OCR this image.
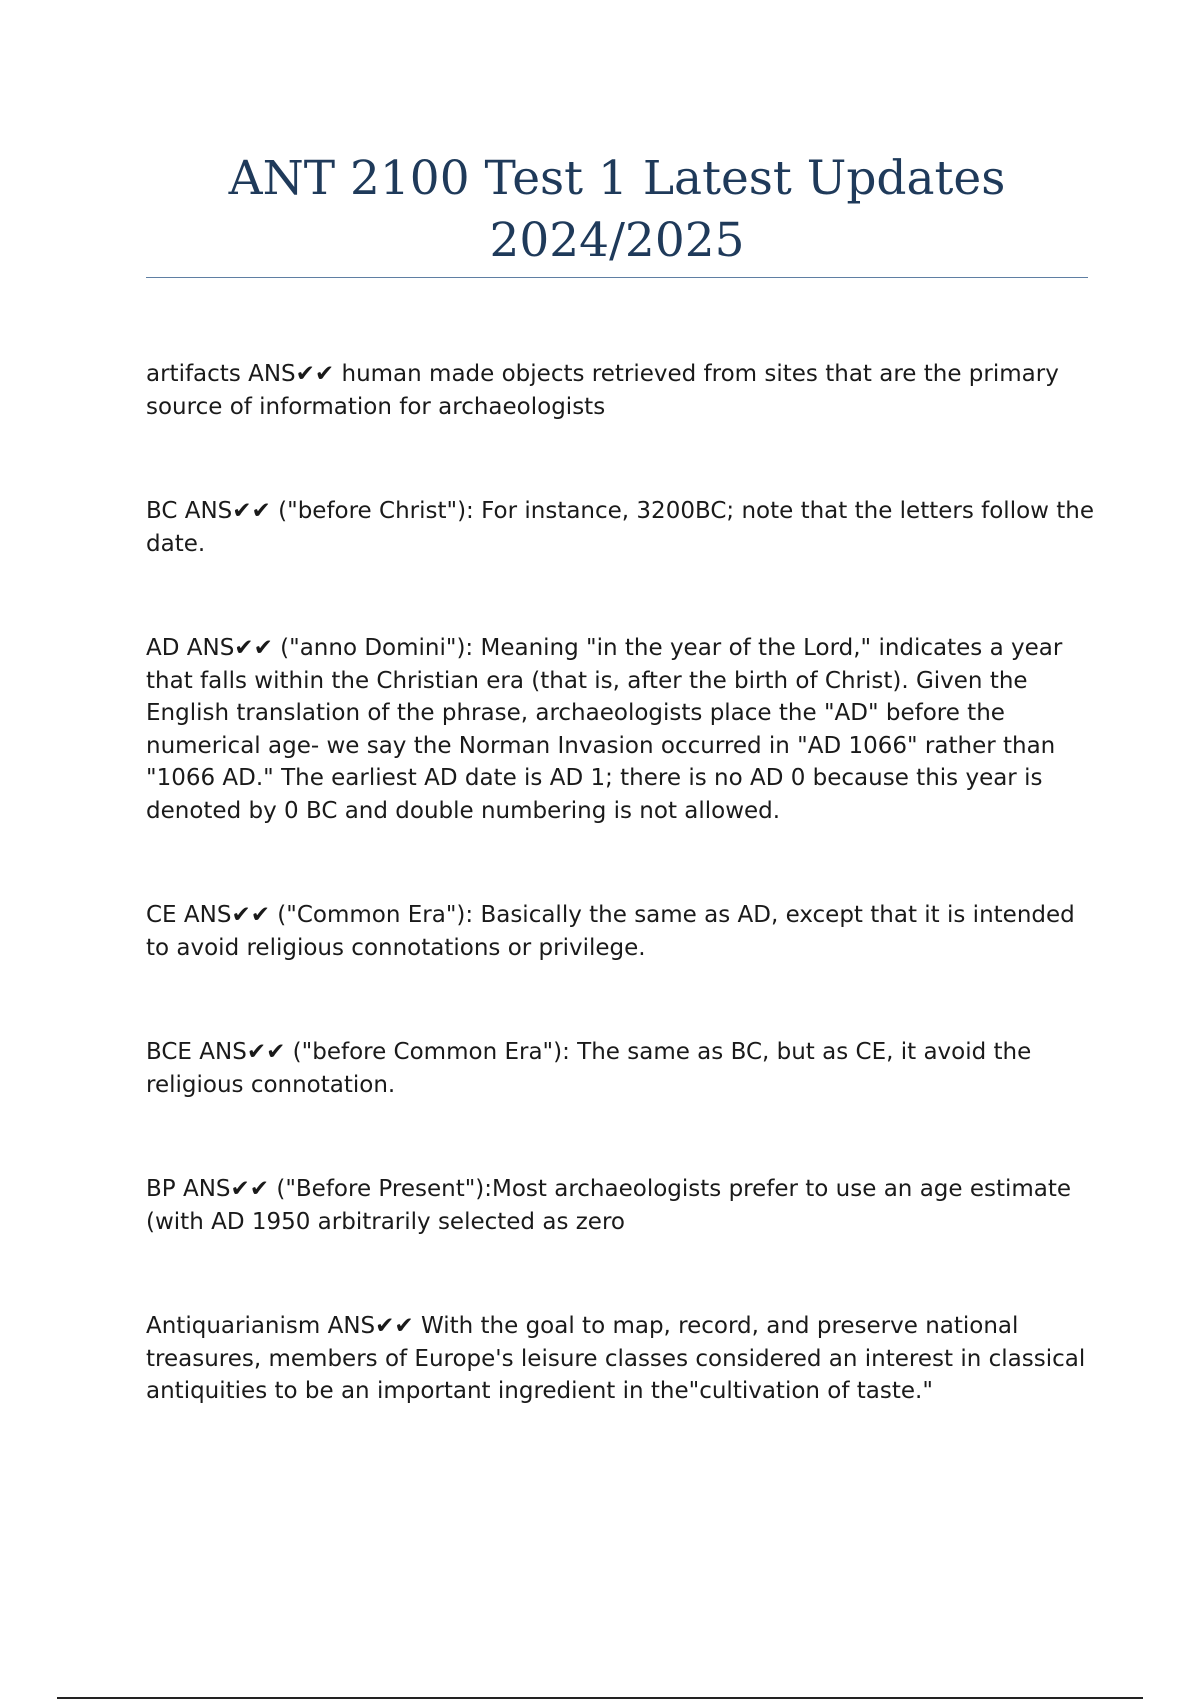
ANT 2100 Test 1 Latest Updates
2024/2025

artifacts ANS✔✔ human made objects retrieved from sites that are the primary source of information for archaeologists

BC ANS✔✔ ("before Christ"): For instance, 3200BC; note that the letters follow the date.

AD ANS✔✔ ("anno Domini"): Meaning "in the year of the Lord," indicates a year that falls within the Christian era (that is, after the birth of Christ). Given the English translation of the phrase, archaeologists place the "AD" before the numerical age- we say the Norman Invasion occurred in "AD 1066" rather than "1066 AD." The earliest AD date is AD 1; there is no AD 0 because this year is denoted by 0 BC and double numbering is not allowed.

CE ANS✔✔ ("Common Era"): Basically the same as AD, except that it is intended to avoid religious connotations or privilege.

BCE ANS✔✔ ("before Common Era"): The same as BC, but as CE, it avoid the religious connotation.

BP ANS✔✔ ("Before Present"):Most archaeologists prefer to use an age estimate (with AD 1950 arbitrarily selected as zero

Antiquarianism ANS✔✔ With the goal to map, record, and preserve national treasures, members of Europe's leisure classes considered an interest in classical antiquities to be an important ingredient in the"cultivation of taste."
